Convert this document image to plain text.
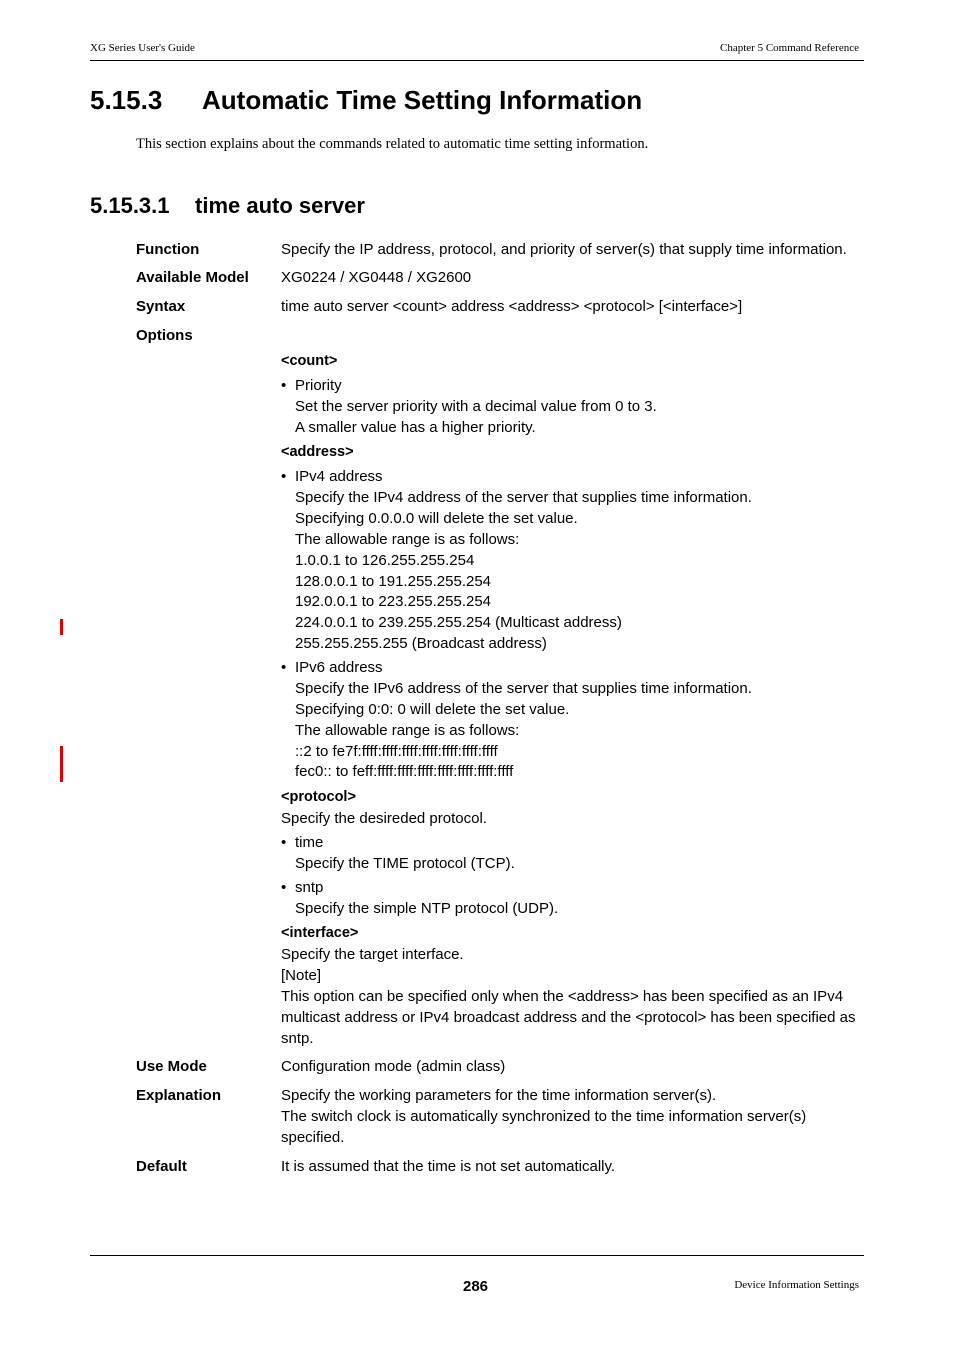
XG Series User's Guide	Chapter 5 Command Reference
5.15.3 Automatic Time Setting Information
This section explains about the commands related to automatic time setting information.
5.15.3.1 time auto server
Function	Specify the IP address, protocol, and priority of server(s) that supply time information.
Available Model XG0224 / XG0448 / XG2600
Syntax	time auto server <count> address <address> <protocol> [<interface>]
Options
<count>
• Priority
Set the server priority with a decimal value from 0 to 3.
A smaller value has a higher priority.
<address>
• IPv4 address
Specify the IPv4 address of the server that supplies time information.
Specifying 0.0.0.0 will delete the set value.
The allowable range is as follows:
1.0.0.1 to 126.255.255.254
128.0.0.1 to 191.255.255.254
192.0.0.1 to 223.255.255.254
224.0.0.1 to 239.255.255.254 (Multicast address)
255.255.255.255 (Broadcast address)
• IPv6 address
Specify the IPv6 address of the server that supplies time information.
Specifying 0:0: 0 will delete the set value.
The allowable range is as follows:
::2 to fe7f:ffff:ffff:ffff:ffff:ffff:ffff:ffff
fec0:: to feff:ffff:ffff:ffff:ffff:ffff:ffff:ffff
<protocol>
Specify the desireded protocol.
• time
Specify the TIME protocol (TCP).
• sntp
Specify the simple NTP protocol (UDP).
<interface>
Specify the target interface.
[Note]
This option can be specified only when the <address> has been specified as an IPv4
multicast address or IPv4 broadcast address and the <protocol> has been specified as
sntp.
Use Mode	Configuration mode (admin class)
Explanation	Specify the working parameters for the time information server(s).
The switch clock is automatically synchronized to the time information server(s)
specified.
Default	It is assumed that the time is not set automatically.
286	Device Information Settings
